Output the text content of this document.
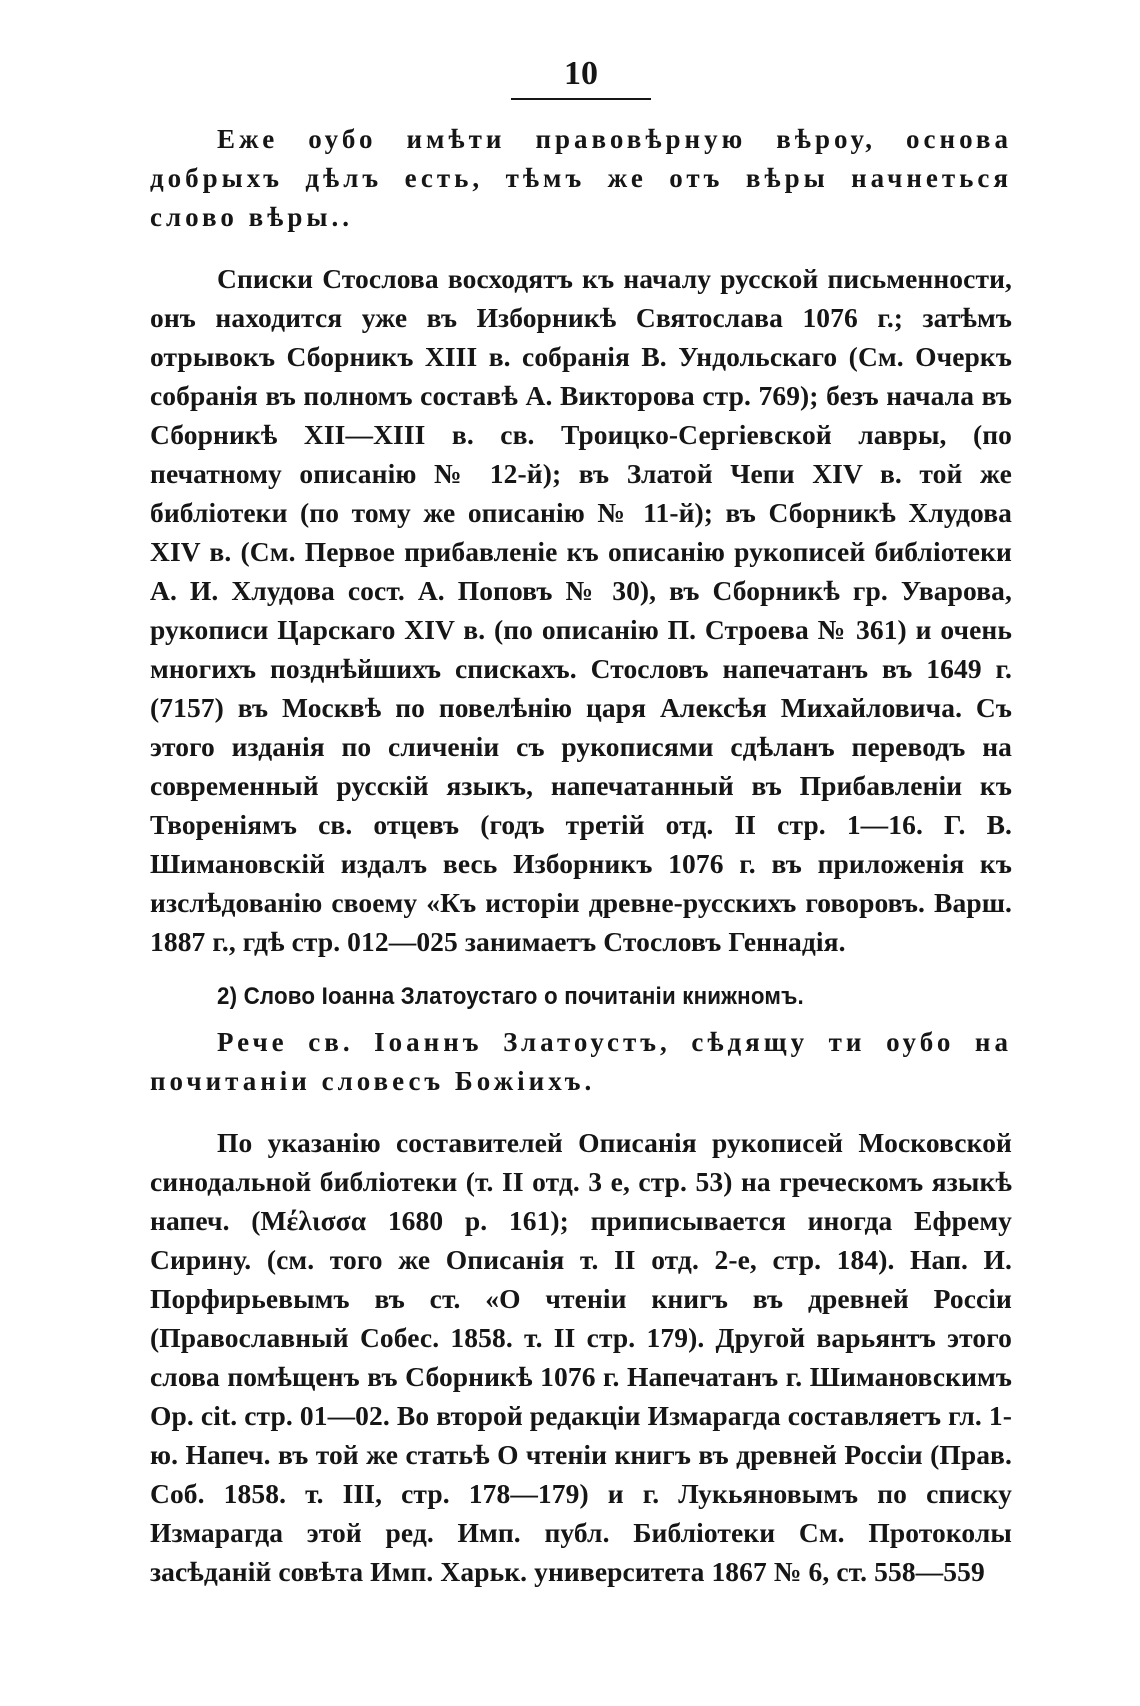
10

Еже оубо имѣти правовѣрную вѣроу, основа добрыхъ дѣлъ есть, тѣмъ же отъ вѣры начнеться слово вѣры..

Списки Стослова восходятъ къ началу русской письменности, онъ находится уже въ Изборникѣ Святослава 1076 г.; затѣмъ отрывокъ Сборникъ XIII в. собранія В. Ундольскаго (См. Очеркъ собранія въ полномъ составѣ А. Викторова стр. 769); безъ начала въ Сборникѣ XII—XIII в. св. Троицко-Сергіевской лавры, (по печатному описанію № 12-й); въ Златой Чепи XIV в. той же библіотеки (по тому же описанію № 11-й); въ Сборникѣ Хлудова XIV в. (См. Первое прибавленіе къ описанію рукописей библіотеки А. И. Хлудова сост. А. Поповъ № 30), въ Сборникѣ гр. Уварова, рукописи Царскаго XIV в. (по описанію П. Строева № 361) и очень многихъ позднѣйшихъ спискахъ. Стословъ напечатанъ въ 1649 г. (7157) въ Москвѣ по повелѣнію царя Алексѣя Михайловича. Съ этого изданія по сличеніи съ рукописями сдѣланъ переводъ на современный русскій языкъ, напечатанный въ Прибавленіи къ Твореніямъ св. отцевъ (годъ третій отд. II стр. 1—16. Г. В. Шимановскій издалъ весь Изборникъ 1076 г. въ приложенія къ изслѣдованію своему «Къ исторіи древне-русскихъ говоровъ. Варш. 1887 г., гдѣ стр. 012—025 занимаетъ Стословъ Геннадія.

2) Слово Іоанна Златоустаго о почитаніи книжномъ.

Рече св. Іоаннъ Златоустъ, сѣдящу ти оубо на почитаніи словесъ Божіихъ.

По указанію составителей Описанія рукописей Московской синодальной библіотеки (т. II отд. 3 е, стр. 53) на греческомъ языкѣ напеч. (Μέλισσα 1680 р. 161); приписывается иногда Ефрему Сирину. (см. того же Описанія т. II отд. 2-е, стр. 184). Нап. И. Порфирьевымъ въ ст. «О чтеніи книгъ въ древней Россіи (Православный Собес. 1858. т. II стр. 179). Другой варьянтъ этого слова помѣщенъ въ Сборникѣ 1076 г. Напечатанъ г. Шимановскимъ Op. cit. стр. 01—02. Во второй редакціи Измарагда составляетъ гл. 1-ю. Напеч. въ той же статьѣ О чтеніи книгъ въ древней Россіи (Прав. Соб. 1858. т. III, стр. 178—179) и г. Лукьяновымъ по списку Измарагда этой ред. Имп. публ. Библіотеки См. Протоколы засѣданій совѣта Имп. Харьк. университета 1867 № 6, ст. 558—559
